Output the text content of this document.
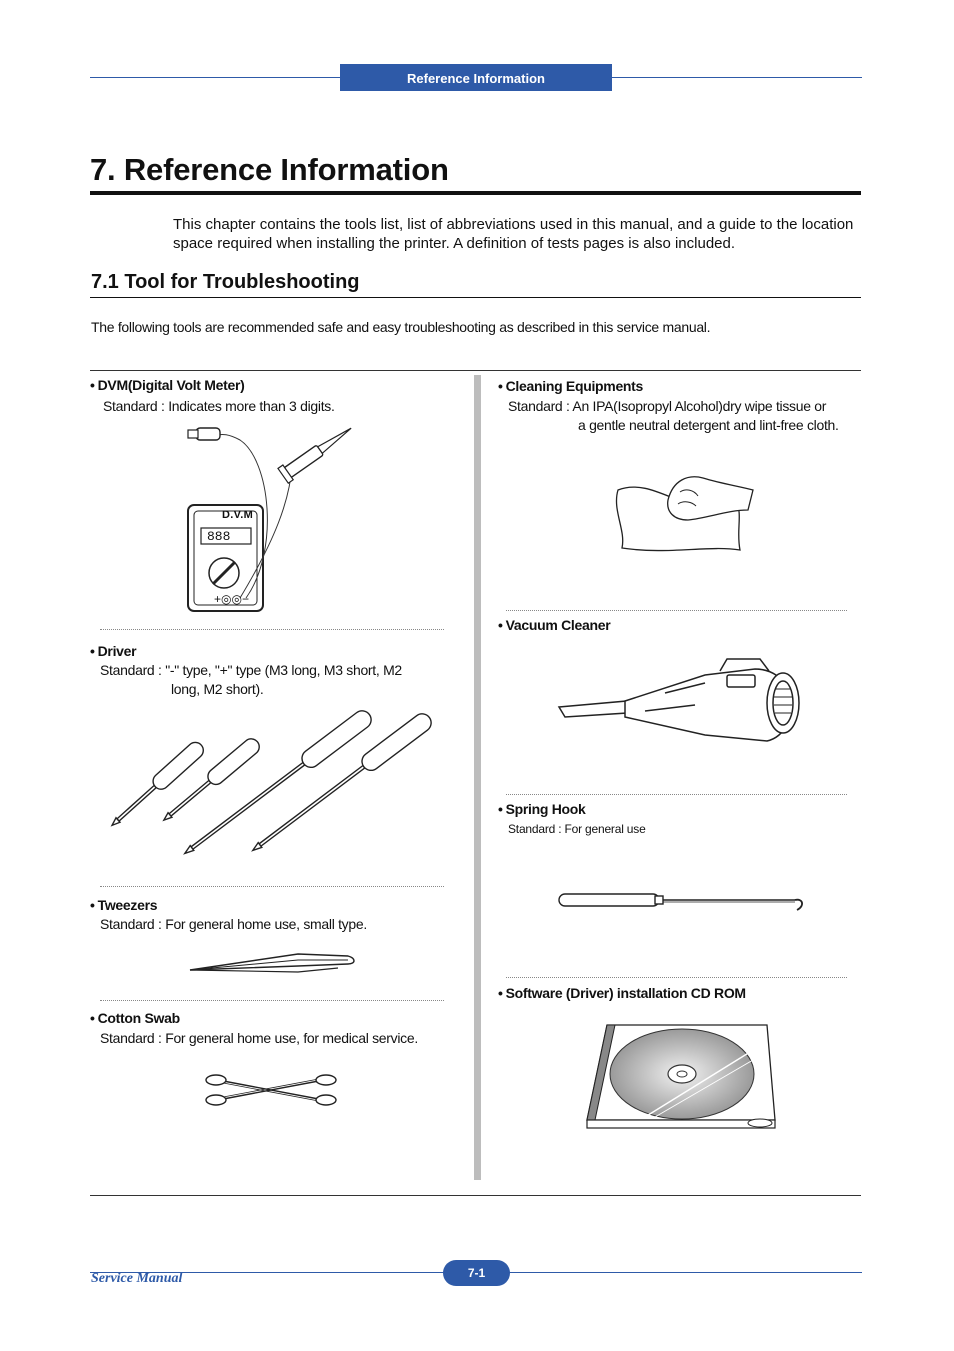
Reference Information
7. Reference Information
This chapter contains the tools list, list of abbreviations used in this manual, and a guide to the location space required when installing the printer. A definition of tests pages is also included.
7.1 Tool for Troubleshooting
The following tools are recommended safe and easy troubleshooting as described in this service manual.
• DVM(Digital Volt Meter)
Standard : Indicates more than 3 digits.
D.V.M
888
+◎◎−
• Driver
Standard : "-" type, "+" type (M3 long, M3 short, M2
long, M2 short).
• Tweezers
Standard : For general home use, small type.
• Cotton Swab
Standard : For general home use, for medical service.
• Cleaning Equipments
Standard : An IPA(Isopropyl Alcohol)dry wipe tissue or
a gentle neutral detergent and lint-free cloth.
• Vacuum Cleaner
• Spring Hook
Standard : For general use
• Software (Driver) installation CD ROM
7-1
Service Manual
